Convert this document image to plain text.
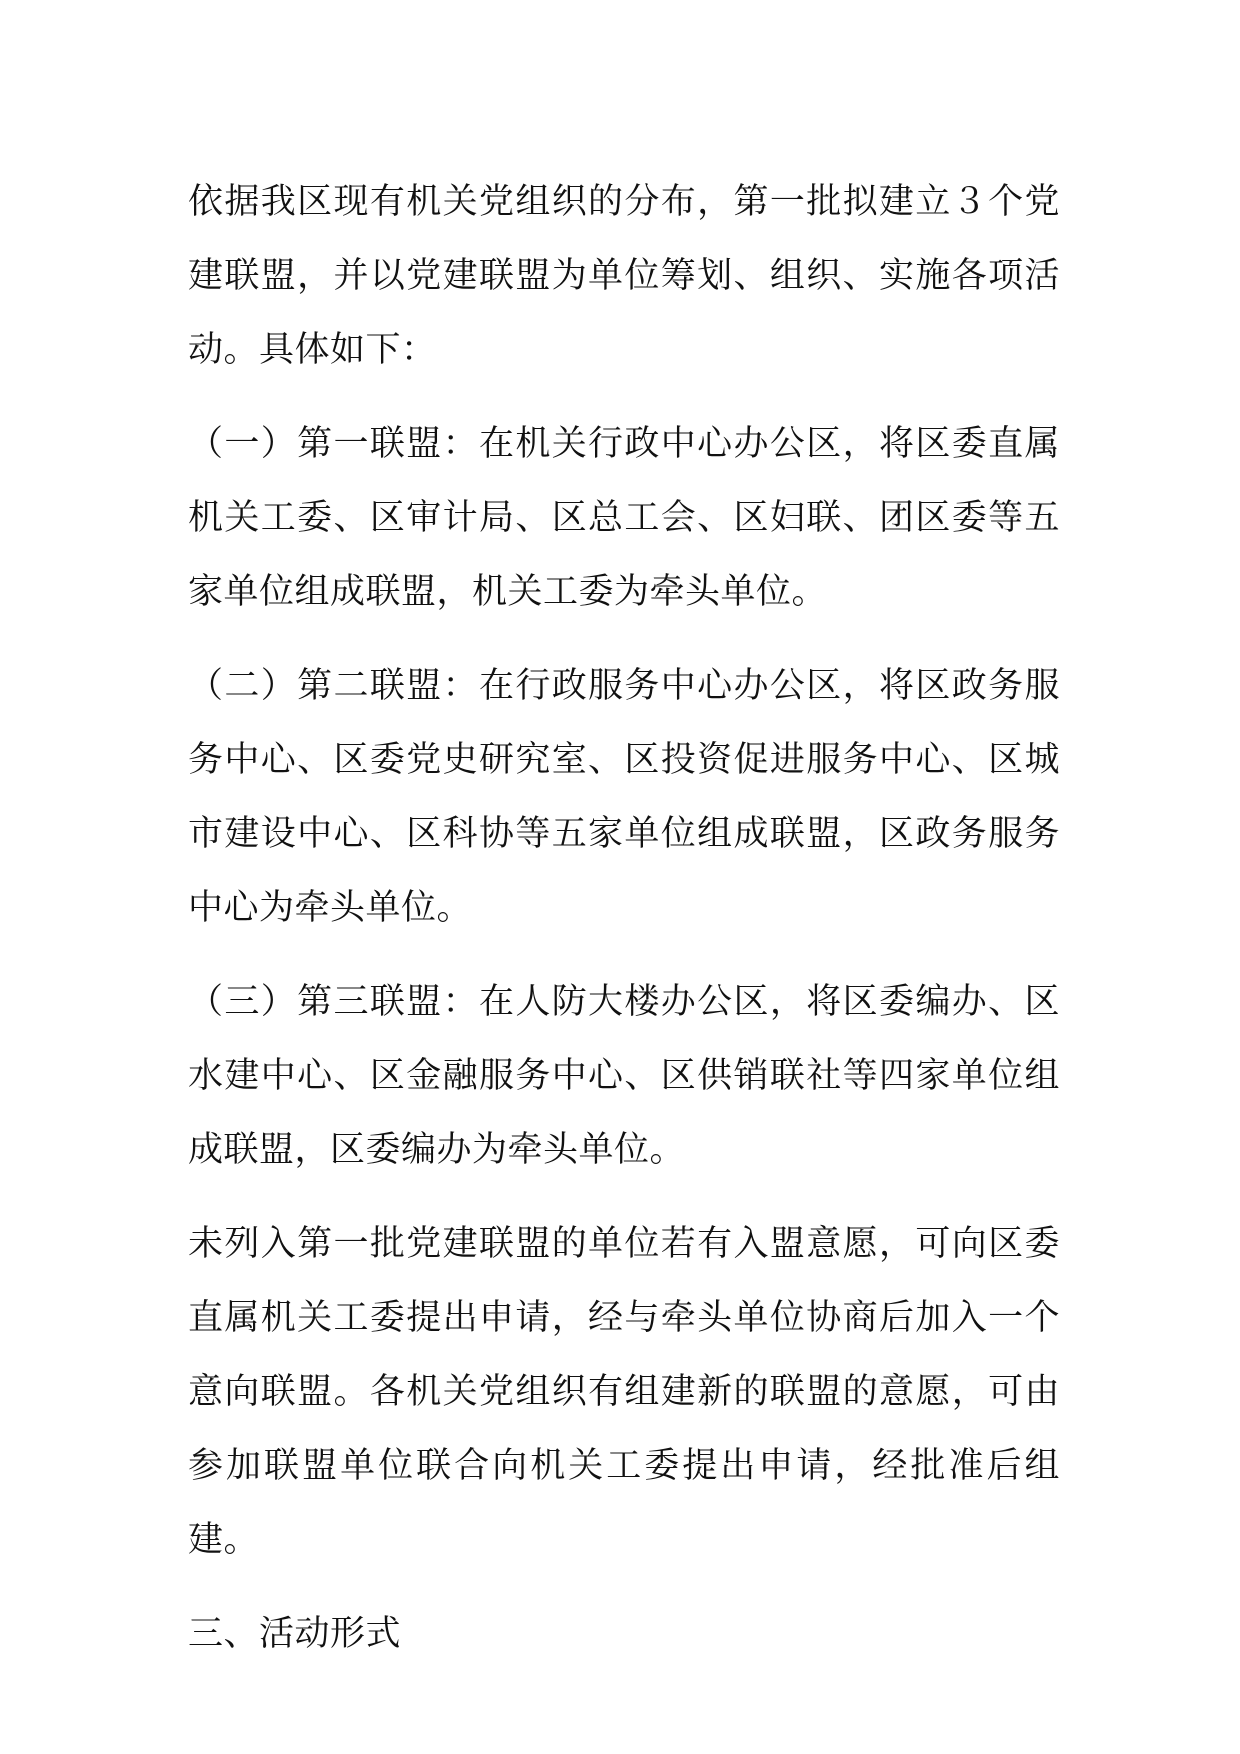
依据我区现有机关党组织的分布，第一批拟建立３个党建联盟，并以党建联盟为单位筹划、组织、实施各项活动。具体如下：

（一）第一联盟：在机关行政中心办公区，将区委直属机关工委、区审计局、区总工会、区妇联、团区委等五家单位组成联盟，机关工委为牵头单位。

（二）第二联盟：在行政服务中心办公区，将区政务服务中心、区委党史研究室、区投资促进服务中心、区城市建设中心、区科协等五家单位组成联盟，区政务服务中心为牵头单位。

（三）第三联盟：在人防大楼办公区，将区委编办、区水建中心、区金融服务中心、区供销联社等四家单位组成联盟，区委编办为牵头单位。

未列入第一批党建联盟的单位若有入盟意愿，可向区委直属机关工委提出申请，经与牵头单位协商后加入一个意向联盟。各机关党组织有组建新的联盟的意愿，可由参加联盟单位联合向机关工委提出申请，经批准后组建。

三、活动形式
